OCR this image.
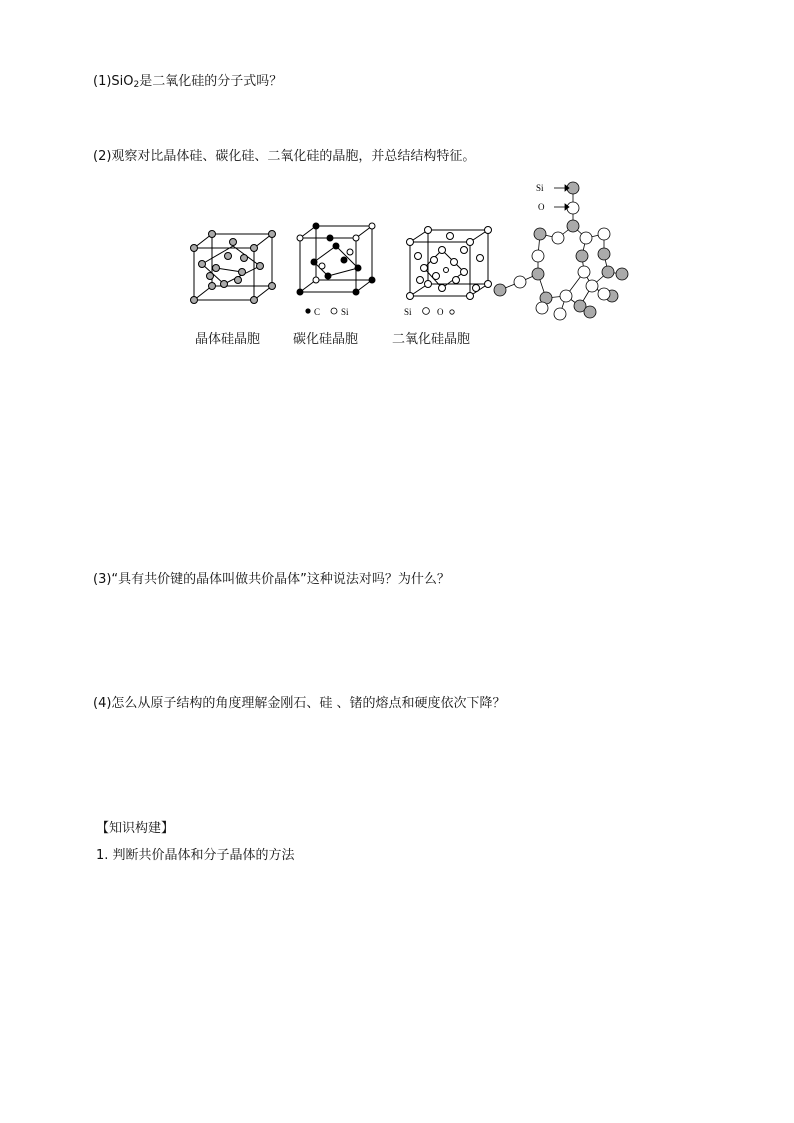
(1)SiO$_2$是二氧化硅的分子式吗？
(2)观察对比晶体硅、碳化硅、二氧化硅的晶胞，并总结结构特征。
C Si	Si	O
Si
O
晶体硅晶胞	碳化硅晶胞	二氧化硅晶胞
(3)“具有共价键的晶体叫做共价晶体”这种说法对吗？为什么？
(4)怎么从原子结构的角度理解金刚石、硅 、锗的熔点和硬度依次下降？
【知识构建】
1. 判断共价晶体和分子晶体的方法
